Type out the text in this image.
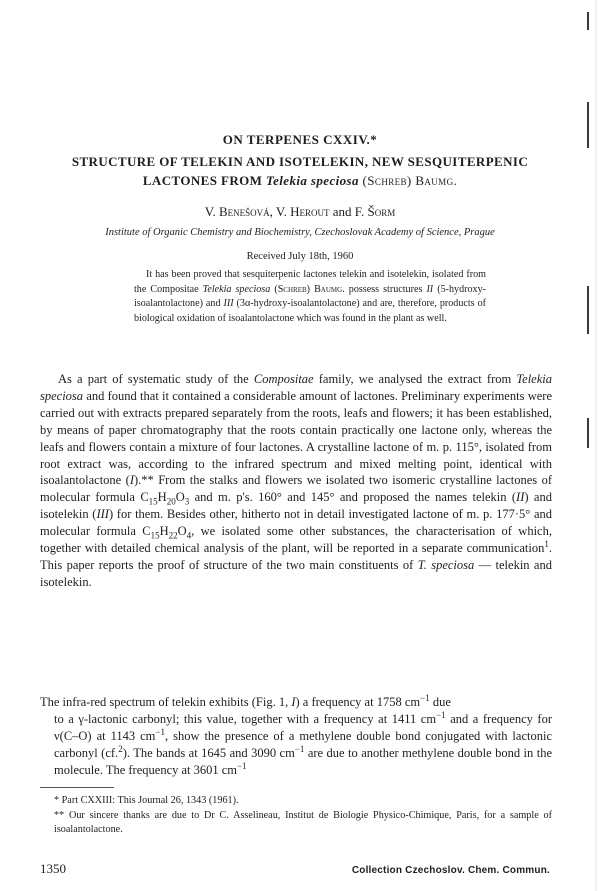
ON TERPENES CXXIV.*
STRUCTURE OF TELEKIN AND ISOTELEKIN, NEW SESQUITERPENIC
LACTONES FROM Telekia speciosa (Schreb) Baumg.
V. Benešová, V. Herout and F. Šorm
Institute of Organic Chemistry and Biochemistry, Czechoslovak Academy of Science, Prague
Received July 18th, 1960

It has been proved that sesquiterpenic lactones telekin and isotelekin, isolated from the Compositae Telekia speciosa (Schreb) Baumg. possess structures II (5-hydroxy-isoalantolactone) and III (3α-hydroxy-isoalantolactone) and are, therefore, products of biological oxidation of isoalantolactone which was found in the plant as well.

As a part of systematic study of the Compositae family, we analysed the extract from Telekia speciosa and found that it contained a considerable amount of lactones. Preliminary experiments were carried out with extracts prepared separately from the roots, leafs and flowers; it has been established, by means of paper chromatography that the roots contain practically one lactone only, whereas the leafs and flowers contain a mixture of four lactones. A crystalline lactone of m. p. 115°, isolated from root extract was, according to the infrared spectrum and mixed melting point, identical with isoalantolactone (I).** From the stalks and flowers we isolated two isomeric crystalline lactones of molecular formula $C_{15}H_{20}O_3$ and m. p's. 160° and 145° and proposed the names telekin (II) and isotelekin (III) for them. Besides other, hitherto not in detail investigated lactone of m. p. 177·5° and molecular formula $C_{15}H_{22}O_4$, we isolated some other substances, the characterisation of which, together with detailed chemical analysis of the plant, will be reported in a separate communication$^1$. This paper reports the proof of structure of the two main constituents of T. speciosa — telekin and isotelekin.

The infra-red spectrum of telekin exhibits (Fig. 1, I) a frequency at 1758 $cm^{-1}$ due
to a γ-lactonic carbonyl; this value, together with a frequency at 1411 $cm^{-1}$ and a frequency for ν(C–O) at 1143 $cm^{-1}$, show the presence of a methylene double bond conjugated with lactonic carbonyl (cf.$^2$). The bands at 1645 and 3090 $cm^{-1}$ are due to another methylene double bond in the molecule. The frequency at 3601 $cm^{-1}$

* Part CXXIII: This Journal 26, 1343 (1961).
** Our sincere thanks are due to Dr C. Asselineau, Institut de Biologie Physico-Chimique, Paris, for a sample of isoalantolactone.
1350	Collection Czechoslov. Chem. Commun.
